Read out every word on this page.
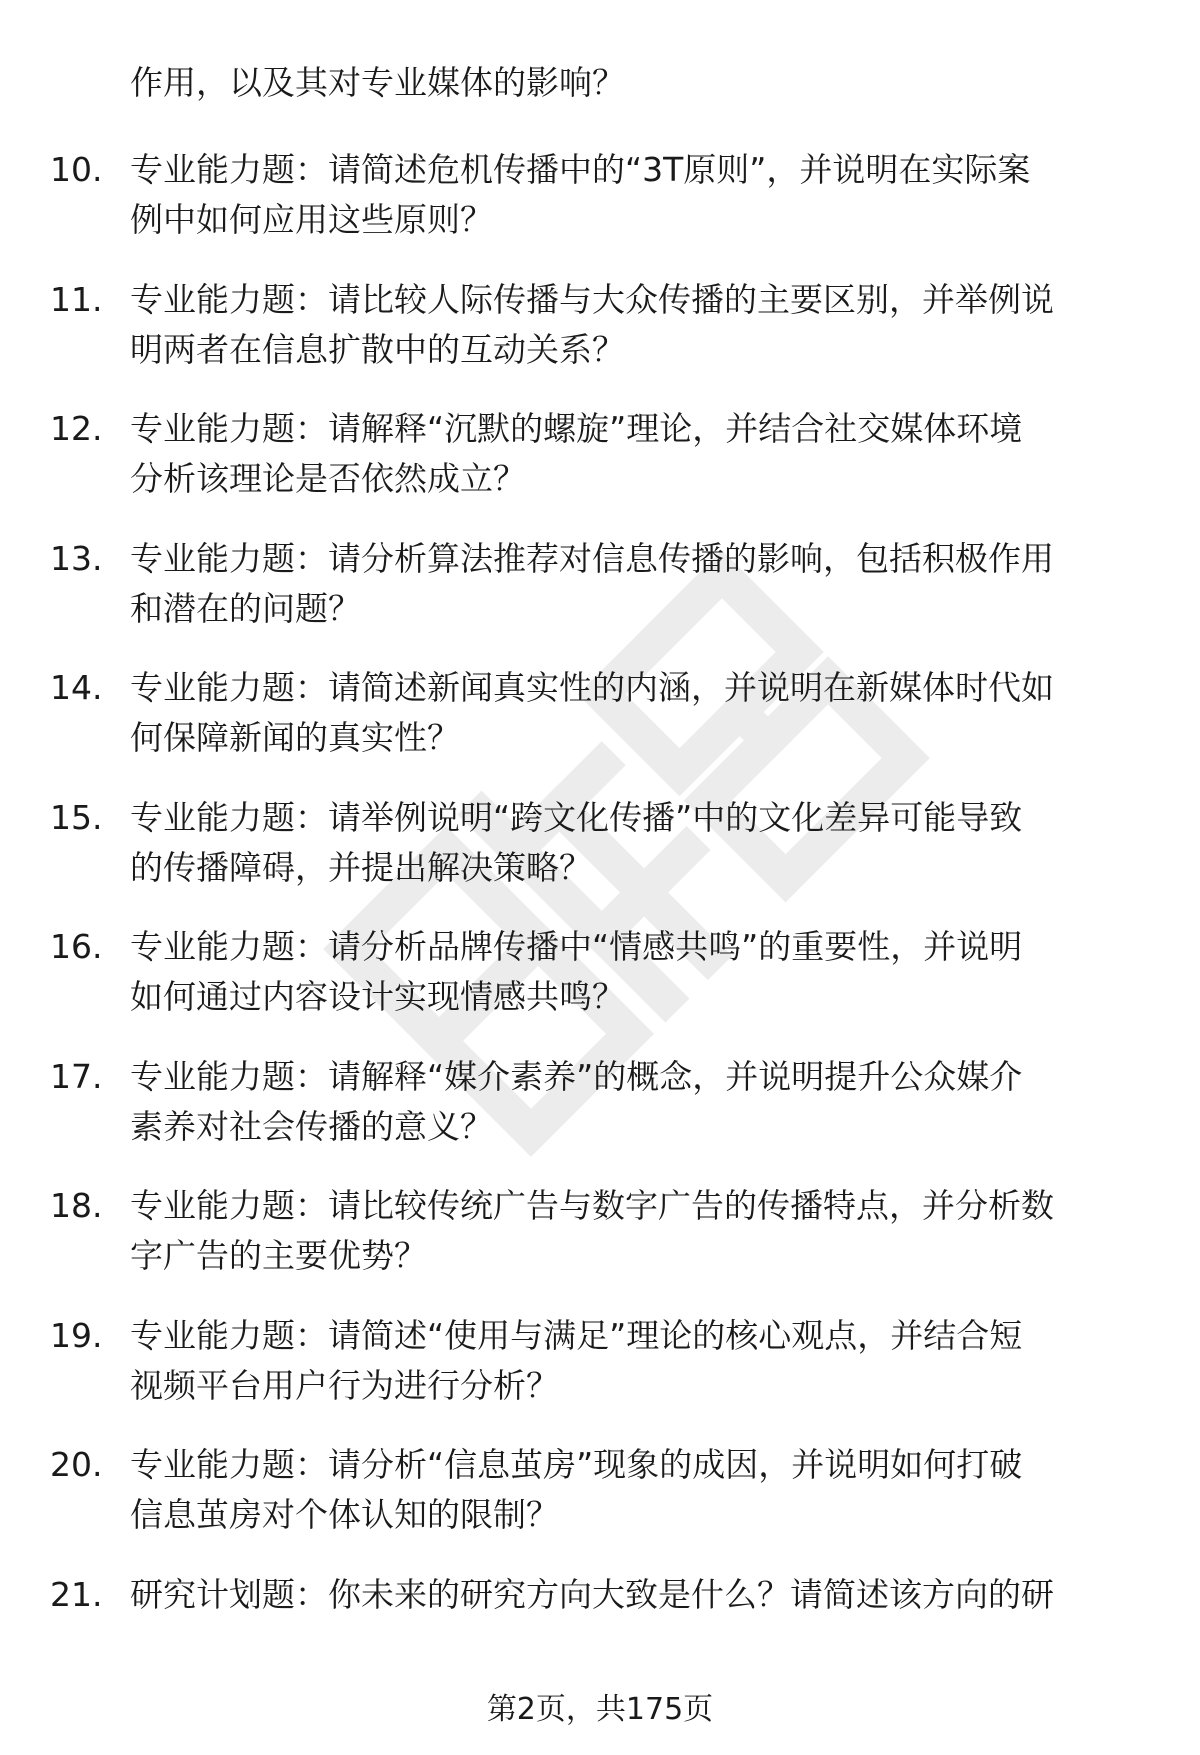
作用，以及其对专业媒体的影响？
10. 专业能力题：请简述危机传播中的“3T原则”，并说明在实际案
例中如何应用这些原则？
11. 专业能力题：请比较人际传播与大众传播的主要区别，并举例说
明两者在信息扩散中的互动关系？
12. 专业能力题：请解释“沉默的螺旋”理论，并结合社交媒体环境
分析该理论是否依然成立？
13. 专业能力题：请分析算法推荐对信息传播的影响，包括积极作用
和潜在的问题？
14. 专业能力题：请简述新闻真实性的内涵，并说明在新媒体时代如
何保障新闻的真实性？
15. 专业能力题：请举例说明“跨文化传播”中的文化差异可能导致
的传播障碍，并提出解决策略？
16. 专业能力题：请分析品牌传播中“情感共鸣”的重要性，并说明
如何通过内容设计实现情感共鸣？
17. 专业能力题：请解释“媒介素养”的概念，并说明提升公众媒介
素养对社会传播的意义？
18. 专业能力题：请比较传统广告与数字广告的传播特点，并分析数
字广告的主要优势？
19. 专业能力题：请简述“使用与满足”理论的核心观点，并结合短
视频平台用户行为进行分析？
20. 专业能力题：请分析“信息茧房”现象的成因，并说明如何打破
信息茧房对个体认知的限制？
21. 研究计划题：你未来的研究方向大致是什么？请简述该方向的研
第2页，共175页
